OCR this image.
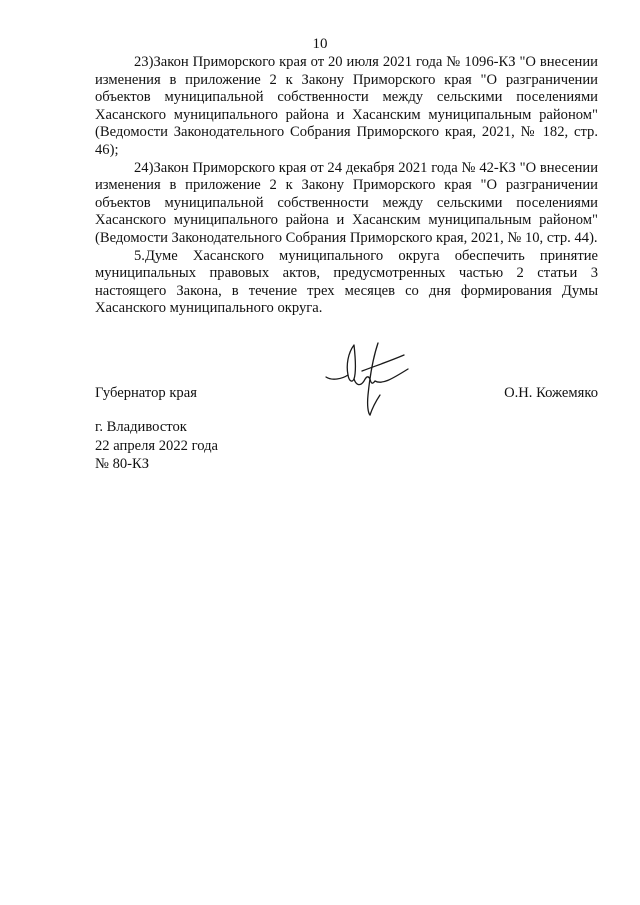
10

23)Закон Приморского края от 20 июля 2021 года № 1096-КЗ "О внесении изменения в приложение 2 к Закону Приморского края "О разграничении объектов муниципальной собственности между сельскими поселениями Хасанского муниципального района и Хасанским муниципальным районом" (Ведомости Законодательного Собрания Приморского края, 2021, № 182, стр. 46);

24)Закон Приморского края от 24 декабря 2021 года № 42-КЗ "О внесении изменения в приложение 2 к Закону Приморского края "О разграничении объектов муниципальной собственности между сельскими поселениями Хасанского муниципального района и Хасанским муниципальным районом" (Ведомости Законодательного Собрания Приморского края, 2021, № 10, стр. 44).

5.Думе Хасанского муниципального округа обеспечить принятие муниципальных правовых актов, предусмотренных частью 2 статьи 3 настоящего Закона, в течение трех месяцев со дня формирования Думы Хасанского муниципального округа.

Губернатор края	О.Н. Кожемяко
г. Владивосток
22 апреля 2022 года
№ 80-КЗ
